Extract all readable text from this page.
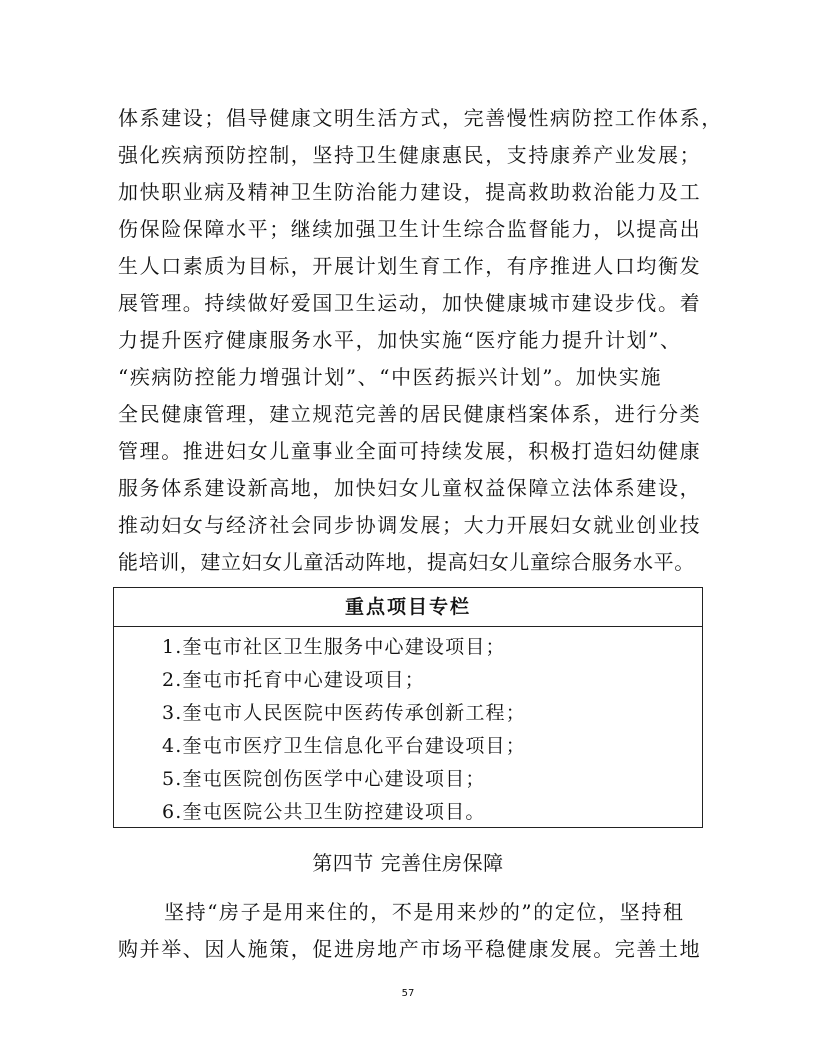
体系建设；倡导健康文明生活方式，完善慢性病防控工作体系，
强化疾病预防控制，坚持卫生健康惠民，支持康养产业发展；
加快职业病及精神卫生防治能力建设，提高救助救治能力及工
伤保险保障水平；继续加强卫生计生综合监督能力，以提高出
生人口素质为目标，开展计划生育工作，有序推进人口均衡发
展管理。持续做好爱国卫生运动，加快健康城市建设步伐。着
力提升医疗健康服务水平，加快实施“医疗能力提升计划”、
“疾病防控能力增强计划”、“中医药振兴计划”。加快实施
全民健康管理，建立规范完善的居民健康档案体系，进行分类
管理。推进妇女儿童事业全面可持续发展，积极打造妇幼健康
服务体系建设新高地，加快妇女儿童权益保障立法体系建设，
推动妇女与经济社会同步协调发展；大力开展妇女就业创业技
能培训，建立妇女儿童活动阵地，提高妇女儿童综合服务水平。
重点项目专栏
1.奎屯市社区卫生服务中心建设项目；
2.奎屯市托育中心建设项目；
3.奎屯市人民医院中医药传承创新工程；
4.奎屯市医疗卫生信息化平台建设项目；
5.奎屯医院创伤医学中心建设项目；
6.奎屯医院公共卫生防控建设项目。
第四节 完善住房保障
坚持“房子是用来住的，不是用来炒的”的定位，坚持租
购并举、因人施策，促进房地产市场平稳健康发展。完善土地
57
